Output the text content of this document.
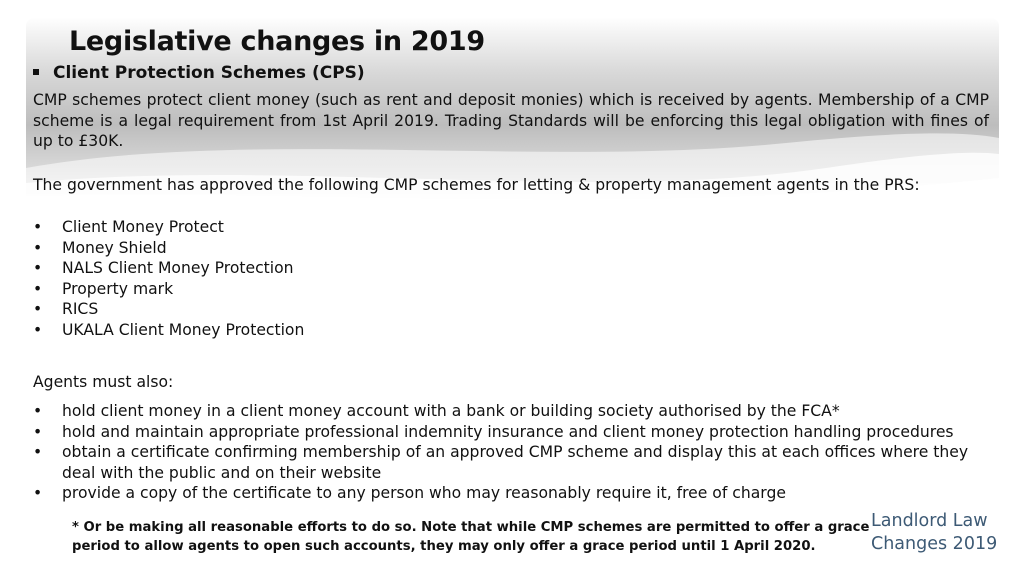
Legislative changes in 2019
Client Protection Schemes (CPS)

CMP schemes protect client money (such as rent and deposit monies) which is received by agents. Membership of a CMP scheme is a legal requirement from 1st April 2019. Trading Standards will be enforcing this legal obligation with fines of up to £30K.

The government has approved the following CMP schemes for letting & property management agents in the PRS:

• Client Money Protect
• Money Shield
• NALS Client Money Protection
• Property mark
• RICS
• UKALA Client Money Protection

Agents must also:

• hold client money in a client money account with a bank or building society authorised by the FCA*
• hold and maintain appropriate professional indemnity insurance and client money protection handling procedures
• obtain a certificate confirming membership of an approved CMP scheme and display this at each offices where they deal with the public and on their website
• provide a copy of the certificate to any person who may reasonably require it, free of charge

* Or be making all reasonable efforts to do so. Note that while CMP schemes are permitted to offer a grace period to allow agents to open such accounts, they may only offer a grace period until 1 April 2020.

Landlord Law
Changes 2019
